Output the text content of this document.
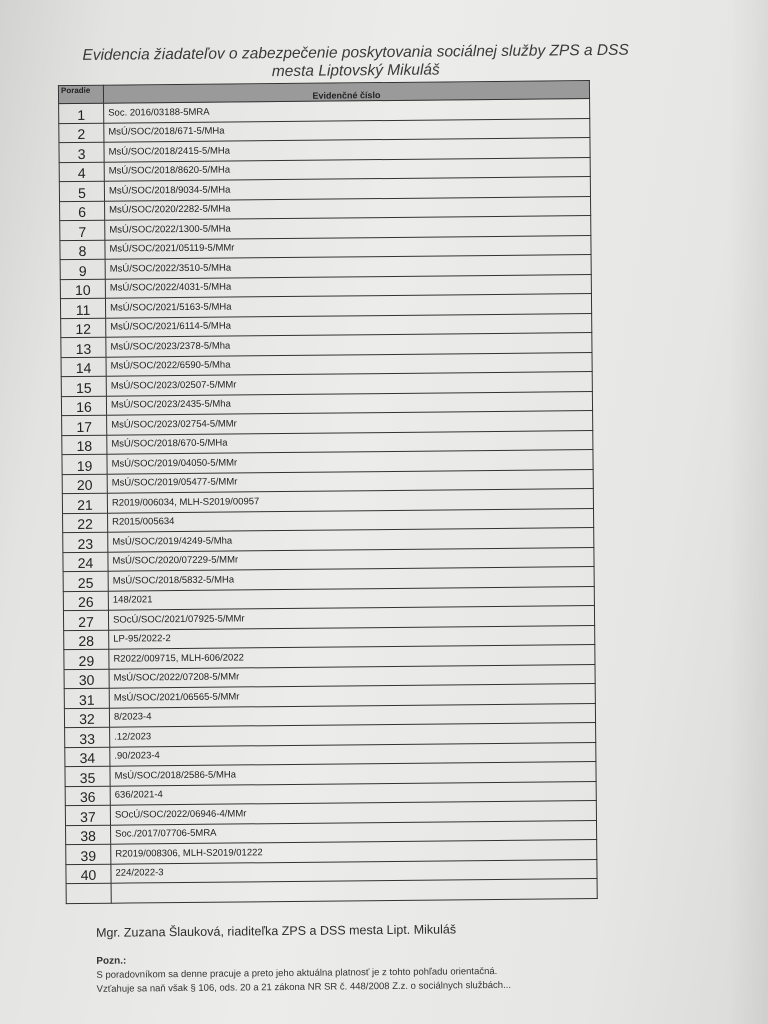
Evidencia žiadateľov o zabezpečenie poskytovania sociálnej služby ZPS a DSS
mesta Liptovský Mikuláš
Poradie	Evidenčné číslo
1	Soc. 2016/03188-5MRA
2	MsÚ/SOC/2018/671-5/MHa
3	MsÚ/SOC/2018/2415-5/MHa
4	MsÚ/SOC/2018/8620-5/MHa
5	MsÚ/SOC/2018/9034-5/MHa
6	MsÚ/SOC/2020/2282-5/MHa
7	MsÚ/SOC/2022/1300-5/MHa
8	MsÚ/SOC/2021/05119-5/MMr
9	MsÚ/SOC/2022/3510-5/MHa
10	MsÚ/SOC/2022/4031-5/MHa
11	MsÚ/SOC/2021/5163-5/MHa
12	MsÚ/SOC/2021/6114-5/MHa
13	MsÚ/SOC/2023/2378-5/Mha
14	MsÚ/SOC/2022/6590-5/Mha
15	MsÚ/SOC/2023/02507-5/MMr
16	MsÚ/SOC/2023/2435-5/Mha
17	MsÚ/SOC/2023/02754-5/MMr
18	MsÚ/SOC/2018/670-5/MHa
19	MsÚ/SOC/2019/04050-5/MMr
20	MsÚ/SOC/2019/05477-5/MMr
21	R2019/006034, MLH-S2019/00957
22	R2015/005634
23	MsÚ/SOC/2019/4249-5/Mha
24	MsÚ/SOC/2020/07229-5/MMr
25	MsÚ/SOC/2018/5832-5/MHa
26	148/2021
27	SOcÚ/SOC/2021/07925-5/MMr
28	LP-95/2022-2
29	R2022/009715, MLH-606/2022
30	MsÚ/SOC/2022/07208-5/MMr
31	MsÚ/SOC/2021/06565-5/MMr
32	8/2023-4
33	.12/2023
34	.90/2023-4
35	MsÚ/SOC/2018/2586-5/MHa
36	636/2021-4
37	SOcÚ/SOC/2022/06946-4/MMr
38	Soc./2017/07706-5MRA
39	R2019/008306, MLH-S2019/01222
40	224/2022-3

Mgr. Zuzana Šlauková, riaditeľka ZPS a DSS mesta Lipt. Mikuláš
Pozn.:
S poradovníkom sa denne pracuje a preto jeho aktuálna platnosť je z tohto pohľadu orientačná.
Vzťahuje sa naň však § 106, ods. 20 a 21 zákona NR SR č. 448/2008 Z.z. o sociálnych službách...
